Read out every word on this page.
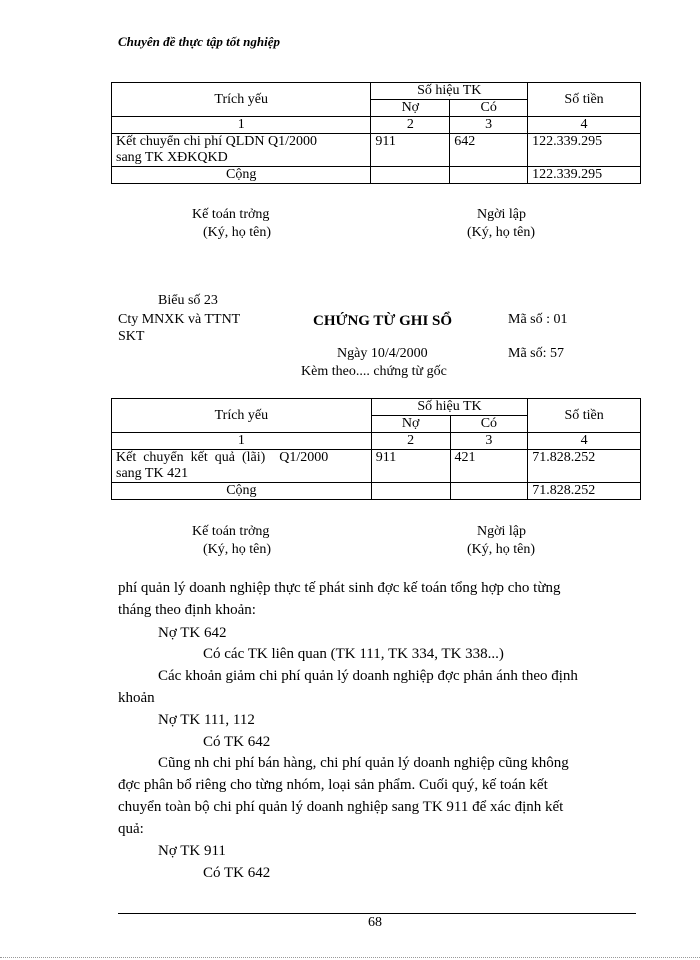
Chuyên đề thực tập tốt nghiệp
Trích yếu	Số hiệu TK		Số tiền
	Nợ	Có	
1	2	3	4

Kết chuyển chi phí QLDN Q1/2000
sang TK XĐKQKD	911	642	122.339.295
Cộng			122.339.295
Kế toán trởng
(Ký, họ tên)
Ngời lập
(Ký, họ tên)
Biểu số 23
Cty MNXK và TTNT
SKT
CHỨNG TỪ GHI SỔ	Mã số : 01
Ngày 10/4/2000	Mã số: 57
Kèm theo.... chứng từ gốc
Trích yếu	Số hiệu TK		Số tiền
	Nợ	Có	
1	2	3	4

Kết  chuyển  kết  quả  (lãi)    Q1/2000
sang TK 421	911	421	71.828.252
Cộng			71.828.252
Kế toán trởng
(Ký, họ tên)
Ngời lập
(Ký, họ tên)
phí quản lý doanh nghiệp thực tế phát sinh đợc kế toán tổng hợp cho từng
tháng theo định khoản:
Nợ TK 642
Có các TK liên quan (TK 111, TK 334, TK 338...)
Các khoản giảm chi phí quản lý doanh nghiệp đợc phản ánh theo định
khoản
Nợ TK 111, 112
Có TK 642
Cũng nh chi phí bán hàng, chi phí quản lý doanh nghiệp cũng không
đợc phân bổ riêng cho từng nhóm, loại sản phẩm. Cuối quý, kế toán kết
chuyển toàn bộ chi phí quản lý doanh nghiệp sang TK 911 để xác định kết
quả:
Nợ TK 911
Có TK 642
68
